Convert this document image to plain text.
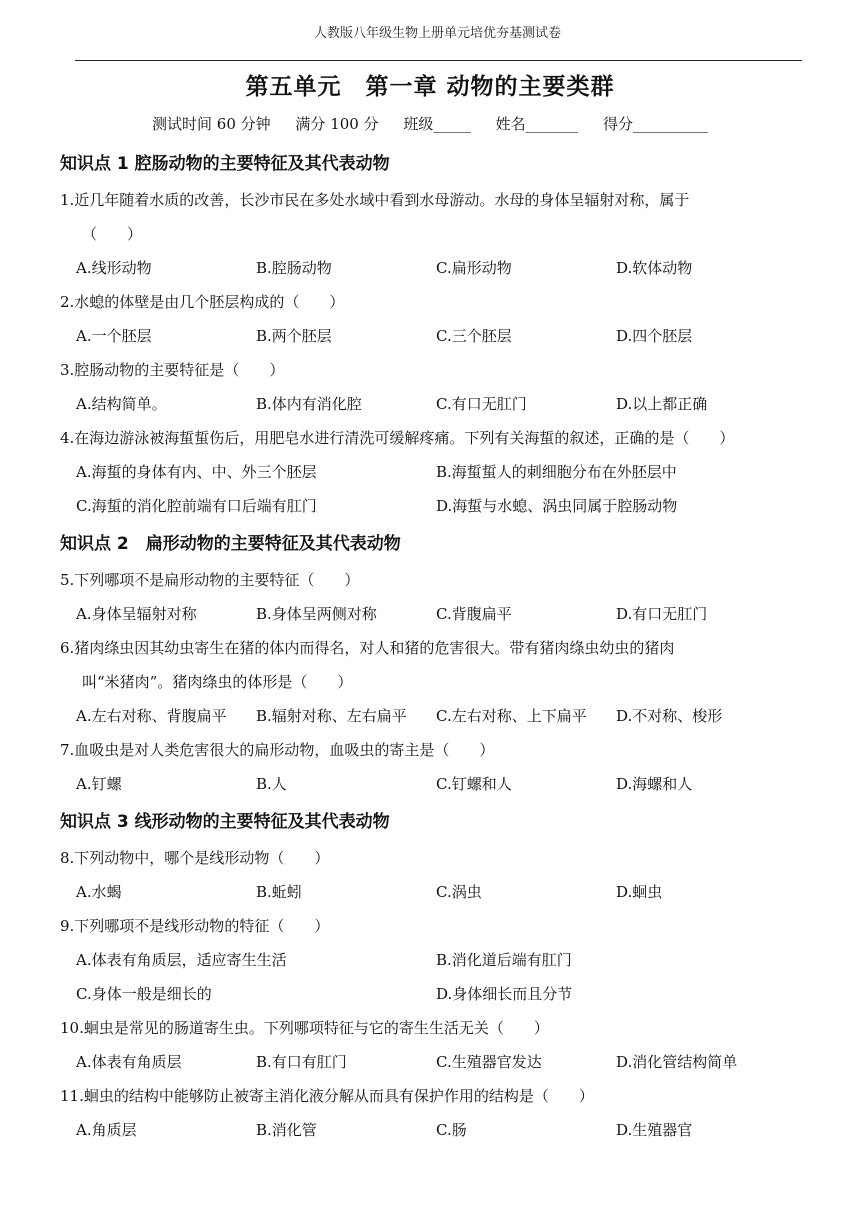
人教版八年级生物上册单元培优夯基测试卷
第五单元　第一章 动物的主要类群
测试时间 60 分钟 满分 100 分 班级_____ 姓名_______ 得分__________
知识点 1 腔肠动物的主要特征及其代表动物
1.近几年随着水质的改善，长沙市民在多处水域中看到水母游动。水母的身体呈辐射对称，属于
（　　）
A.线形动物	B.腔肠动物	C.扁形动物	D.软体动物
2.水螅的体壁是由几个胚层构成的（　　）
A.一个胚层	B.两个胚层	C.三个胚层	D.四个胚层
3.腔肠动物的主要特征是（　　）
A.结构简单。	B.体内有消化腔	C.有口无肛门	D.以上都正确
4.在海边游泳被海蜇蜇伤后，用肥皂水进行清洗可缓解疼痛。下列有关海蜇的叙述，正确的是（　　）
A.海蜇的身体有内、中、外三个胚层	B.海蜇蜇人的刺细胞分布在外胚层中
C.海蜇的消化腔前端有口后端有肛门	D.海蜇与水螅、涡虫同属于腔肠动物
知识点 2　扁形动物的主要特征及其代表动物
5.下列哪项不是扁形动物的主要特征（　　）
A.身体呈辐射对称	B.身体呈两侧对称	C.背腹扁平	D.有口无肛门
6.猪肉绦虫因其幼虫寄生在猪的体内而得名，对人和猪的危害很大。带有猪肉绦虫幼虫的猪肉
叫“米猪肉”。猪肉绦虫的体形是（　　）
A.左右对称、背腹扁平	B.辐射对称、左右扁平	C.左右对称、上下扁平	D.不对称、梭形
7.血吸虫是对人类危害很大的扁形动物，血吸虫的寄主是（　　）
A.钉螺	B.人	C.钉螺和人	D.海螺和人
知识点 3 线形动物的主要特征及其代表动物
8.下列动物中，哪个是线形动物（　　）
A.水蝎	B.蚯蚓	C.涡虫	D.蛔虫
9.下列哪项不是线形动物的特征（　　）
A.体表有角质层，适应寄生生活	B.消化道后端有肛门
C.身体一般是细长的	D.身体细长而且分节
10.蛔虫是常见的肠道寄生虫。下列哪项特征与它的寄生生活无关（　　）
A.体表有角质层	B.有口有肛门	C.生殖器官发达	D.消化管结构简单
11.蛔虫的结构中能够防止被寄主消化液分解从而具有保护作用的结构是（　　）
A.角质层	B.消化管	C.肠	D.生殖器官
